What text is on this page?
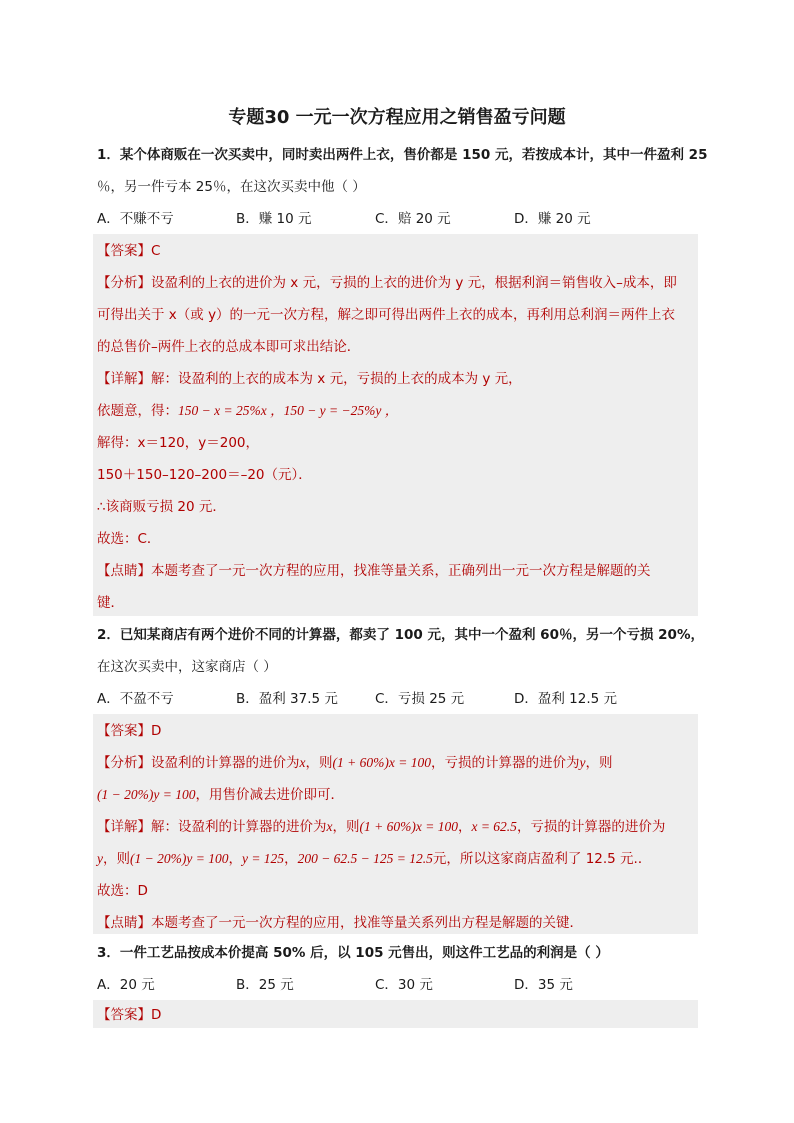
专题30 一元一次方程应用之销售盈亏问题
1．某个体商贩在一次买卖中，同时卖出两件上衣，售价都是 150 元，若按成本计，其中一件盈利 25
％，另一件亏本 25％，在这次买卖中他（ ）
A．不赚不亏	B．赚 10 元	C．赔 20 元	D．赚 20 元
【答案】C
【分析】设盈利的上衣的进价为 x 元，亏损的上衣的进价为 y 元，根据利润＝销售收入–成本，即
可得出关于 x（或 y）的一元一次方程，解之即可得出两件上衣的成本，再利用总利润＝两件上衣
的总售价–两件上衣的总成本即可求出结论．
【详解】解：设盈利的上衣的成本为 x 元，亏损的上衣的成本为 y 元，
依题意，得：150 − x = 25%x ，150 − y = −25%y ，
解得：x＝120，y＝200，
150＋150–120–200＝–20（元）．
∴该商贩亏损 20 元．
故选：C．
【点睛】本题考查了一元一次方程的应用，找准等量关系，正确列出一元一次方程是解题的关
键．
2．已知某商店有两个进价不同的计算器，都卖了 100 元，其中一个盈利 60％，另一个亏损 20%，
在这次买卖中，这家商店（ ）
A．不盈不亏	B．盈利 37.5 元	C．亏损 25 元	D．盈利 12.5 元
【答案】D
【分析】设盈利的计算器的进价为x，则(1 + 60%)x = 100，亏损的计算器的进价为y，则
(1 − 20%)y = 100，用售价减去进价即可．
【详解】解：设盈利的计算器的进价为x，则(1 + 60%)x = 100，x = 62.5，亏损的计算器的进价为
y，则(1 − 20%)y = 100，y = 125，200 − 62.5 − 125 = 12.5元，所以这家商店盈利了 12.5 元.．
故选：D
【点睛】本题考查了一元一次方程的应用，找准等量关系列出方程是解题的关键．
3．一件工艺品按成本价提高 50% 后，以 105 元售出，则这件工艺品的利润是（ ）
A．20 元	B．25 元	C．30 元	D．35 元
【答案】D
